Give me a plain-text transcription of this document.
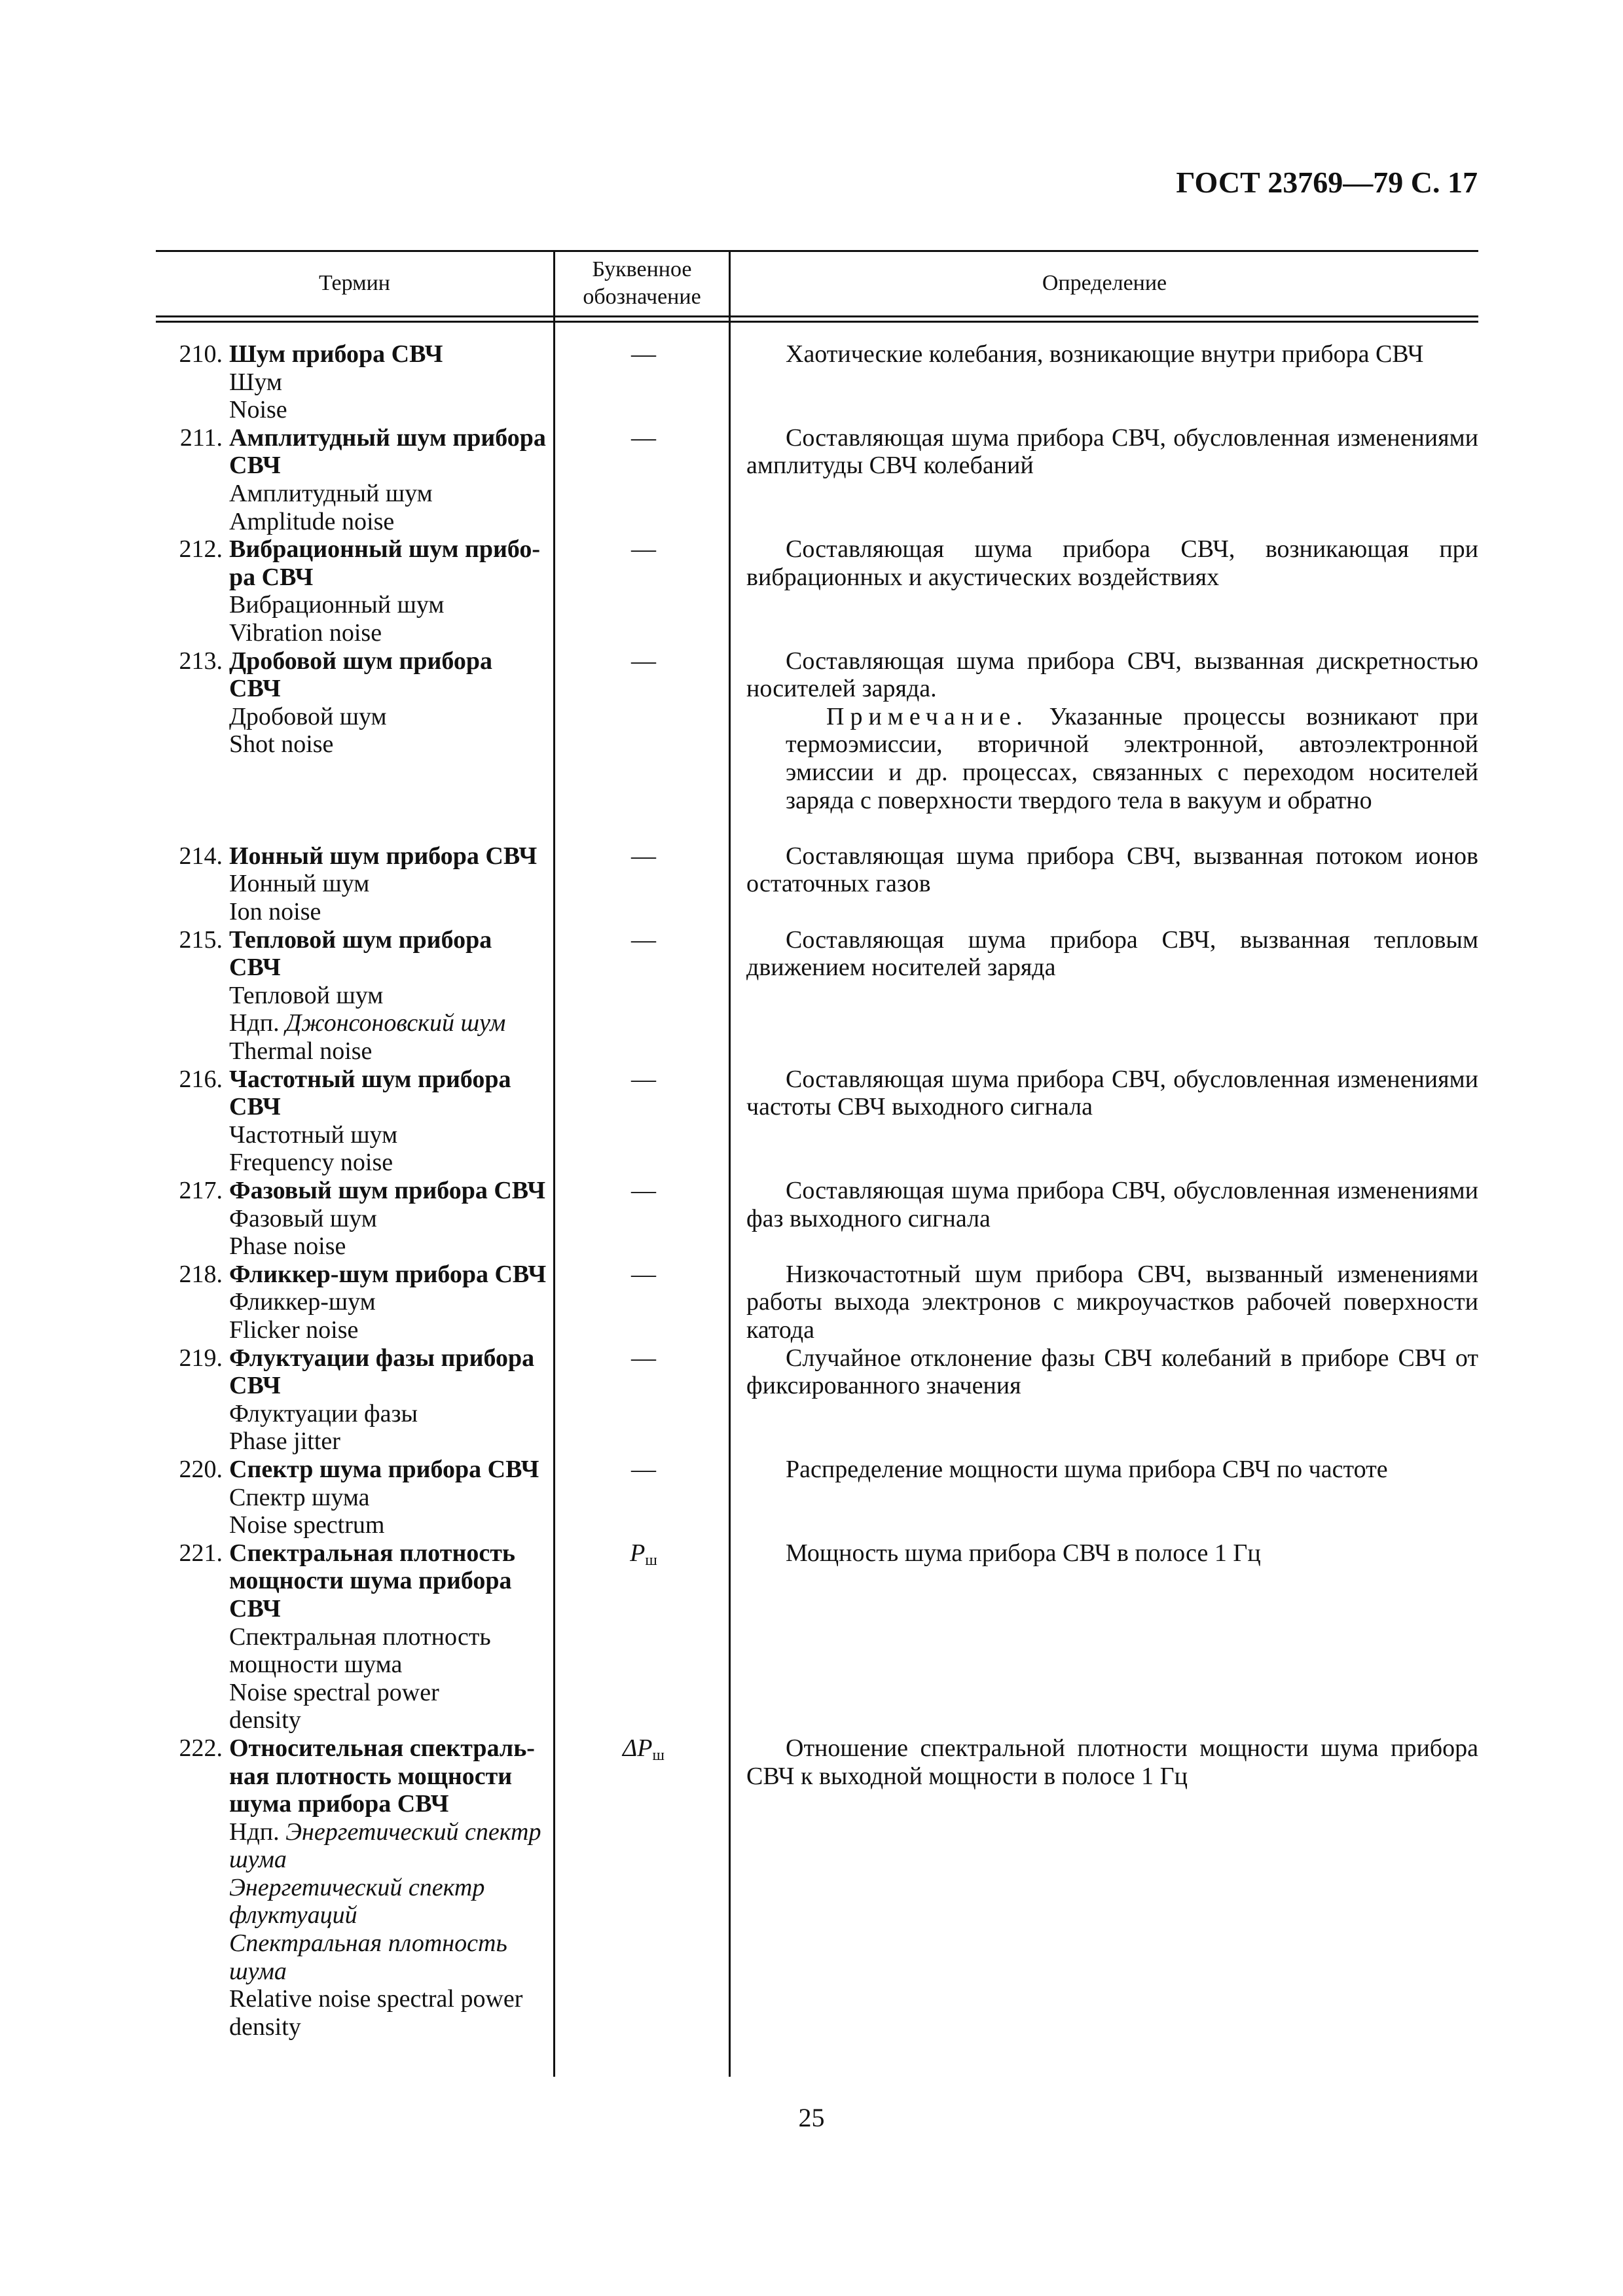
ГОСТ 23769—79 С. 17
Термин
Буквенное
обозначение
Определение
210. Шум прибора СВЧ
Шум
Noise
—	Хаотические колебания, возникающие внутри прибора СВЧ
211. Амплитудный шум прибора
СВЧ
Амплитудный шум
Amplitude noise
—	Составляющая шума прибора СВЧ, обусловленная изменениями амплитуды СВЧ колебаний
212. Вибрационный шум прибо-
ра СВЧ
Вибрационный шум
Vibration noise
—	Составляющая шума прибора СВЧ, возникающая при вибрационных и акустических воздействиях
213. Дробовой шум прибора
СВЧ
Дробовой шум
Shot noise
—	Составляющая шума прибора СВЧ, вызванная дискретностью носителей заряда.
Примечание. Указанные процессы возникают при термоэмиссии, вторичной электронной, автоэлектронной эмиссии и др. процессах, связанных с переходом носителей заряда с поверхности твердого тела в вакуум и обратно
214. Ионный шум прибора СВЧ
Ионный шум
Ion noise
—	Составляющая шума прибора СВЧ, вызванная потоком ионов остаточных газов
215. Тепловой шум прибора
СВЧ
Тепловой шум
Ндп. Джонсоновский шум
Thermal noise
—	Составляющая шума прибора СВЧ, вызванная тепловым движением носителей заряда
216. Частотный шум прибора
СВЧ
Частотный шум
Frequency noise
—	Составляющая шума прибора СВЧ, обусловленная изменениями частоты СВЧ выходного сигнала
217. Фазовый шум прибора СВЧ
Фазовый шум
Phase noise
—	Составляющая шума прибора СВЧ, обусловленная изменениями фаз выходного сигнала
218. Фликкер-шум прибора СВЧ
Фликкер-шум
Flicker noise
—	Низкочастотный шум прибора СВЧ, вызванный изменениями работы выхода электронов с микроучастков рабочей поверхности катода
219. Флуктуации фазы прибора
СВЧ
Флуктуации фазы
Phase jitter
—	Случайное отклонение фазы СВЧ колебаний в приборе СВЧ от фиксированного значения
220. Спектр шума прибора СВЧ
Спектр шума
Noise spectrum
—	Распределение мощности шума прибора СВЧ по частоте
221. Спектральная плотность
мощности шума прибора
СВЧ
Спектральная плотность
мощности шума
Noise spectral power
density
Pш	Мощность шума прибора СВЧ в полосе 1 Гц
222. Относительная спектраль-
ная плотность мощности
шума прибора СВЧ
Ндп. Энергетический спектр
шума
Энергетический спектр
флуктуаций
Спектральная плотность
шума
Relative noise spectral power
density
ΔPш	Отношение спектральной плотности мощности шума прибора СВЧ к выходной мощности в полосе 1 Гц
25
